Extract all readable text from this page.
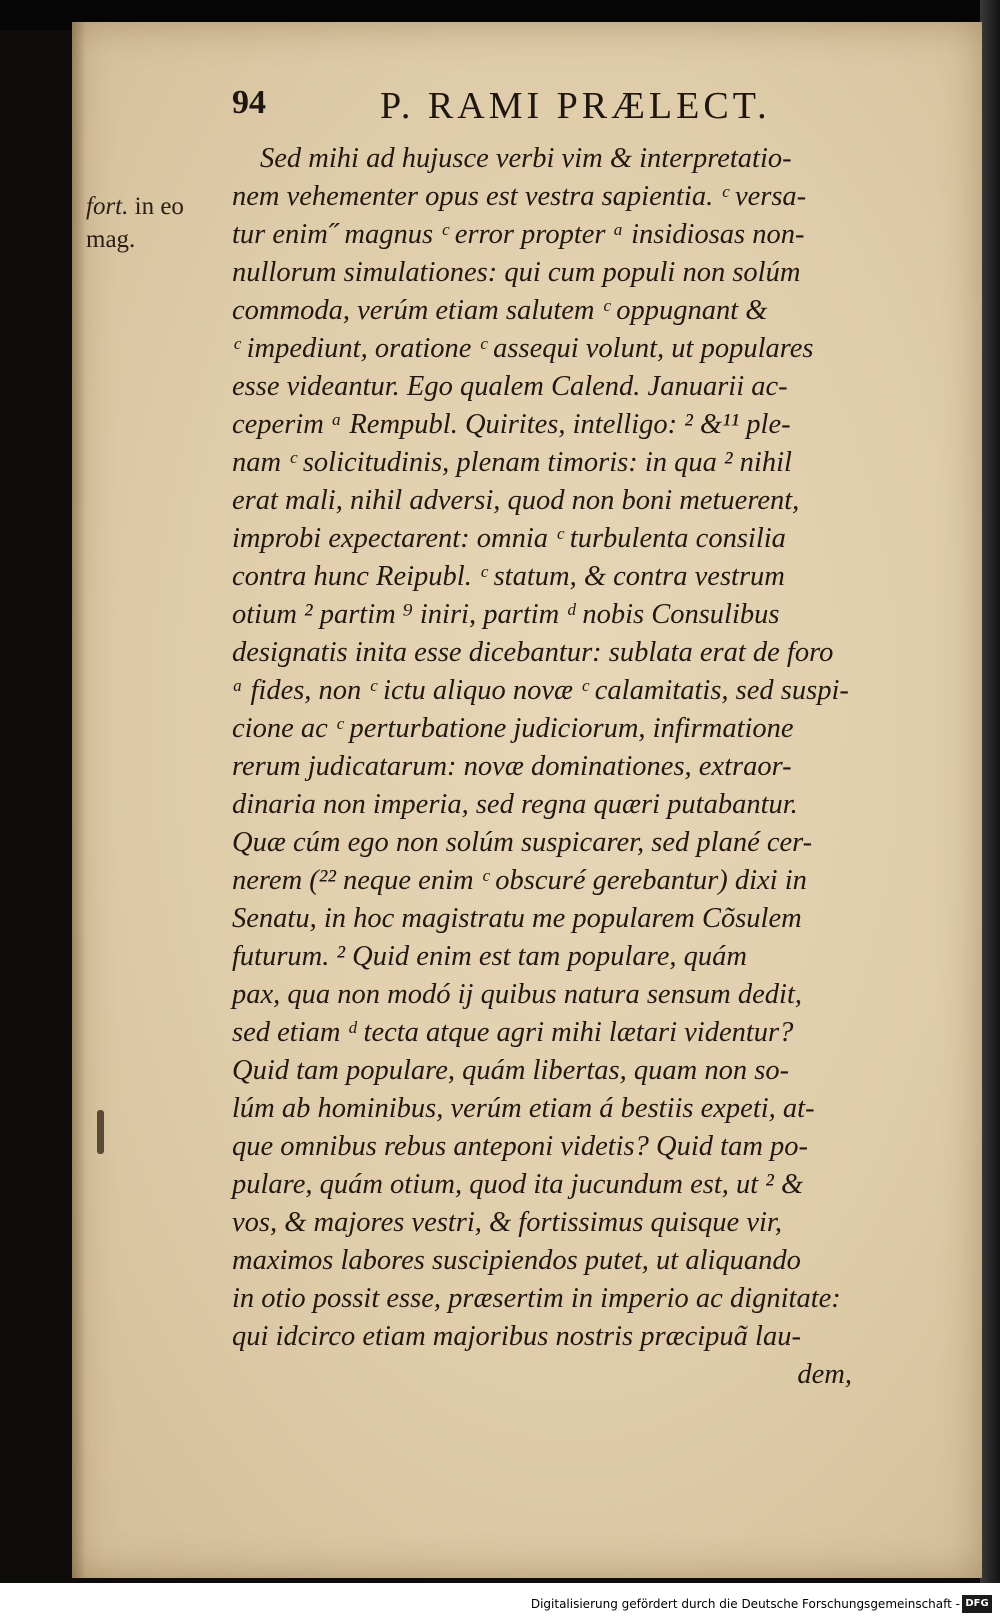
94	P. RAMI PRÆLECT.
fort. in eo
mag.
Sed mihi ad hujusce verbi vim & interpretatio-
nem vehementer opus est vestra sapientia. ᶜ versa-
tur enim˝ magnus ᶜ error propter ᵃ insidiosas non-
nullorum simulationes: qui cum populi non solúm
commoda, verúm etiam salutem ᶜ oppugnant &
ᶜ impediunt, oratione ᶜ assequi volunt, ut populares
esse videantur. Ego qualem Calend. Januarii ac-
ceperim ᵃ Rempubl. Quirites, intelligo: ² &¹¹ ple-
nam ᶜ solicitudinis, plenam timoris: in qua ² nihil
erat mali, nihil adversi, quod non boni metuerent,
improbi expectarent: omnia ᶜ turbulenta consilia
contra hunc Reipubl. ᶜ statum, & contra vestrum
otium ² partim ⁹ iniri, partim ᵈ nobis Consulibus
designatis inita esse dicebantur: sublata erat de foro
ᵃ fides, non ᶜ ictu aliquo novæ ᶜ calamitatis, sed suspi-
cione ac ᶜ perturbatione judiciorum, infirmatione
rerum judicatarum: novæ dominationes, extraor-
dinaria non imperia, sed regna quæri putabantur.
Quæ cúm ego non solúm suspicarer, sed plané cer-
nerem (²² neque enim ᶜ obscuré gerebantur) dixi in
Senatu, in hoc magistratu me popularem Cõsulem
futurum. ² Quid enim est tam populare, quám
pax, qua non modó ij quibus natura sensum dedit,
sed etiam ᵈ tecta atque agri mihi lætari videntur?
Quid tam populare, quám libertas, quam non so-
lúm ab hominibus, verúm etiam á bestiis expeti, at-
que omnibus rebus anteponi videtis? Quid tam po-
pulare, quám otium, quod ita jucundum est, ut ² &
vos, & majores vestri, & fortissimus quisque vir,
maximos labores suscipiendos putet, ut aliquando
in otio possit esse, præsertim in imperio ac dignitate:
qui idcirco etiam majoribus nostris præcipuã lau-
dem,
Digitalisierung gefördert durch die Deutsche Forschungsgemeinschaft - DFG
